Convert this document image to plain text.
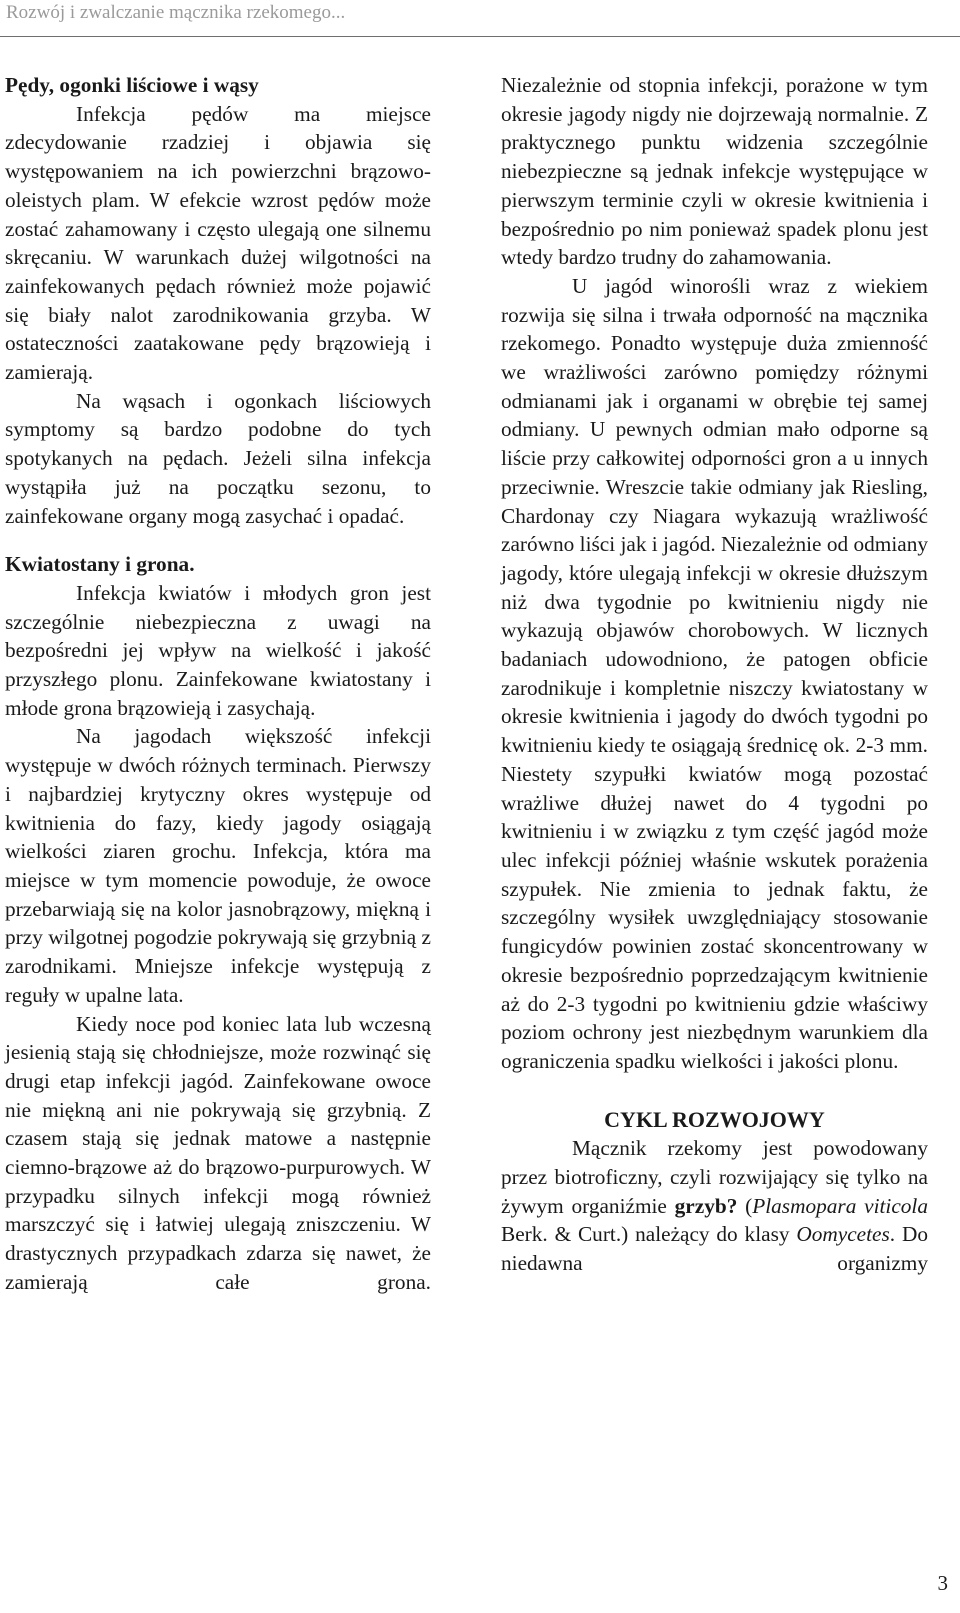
Rozwój i zwalczanie mącznika rzekomego...
Pędy, ogonki liściowe i wąsy

Infekcja pędów ma miejsce zdecydowanie rzadziej i objawia się występowaniem na ich powierzchni brązowo-oleistych plam. W efekcie wzrost pędów może zostać zahamowany i często ulegają one silnemu skręcaniu. W warunkach dużej wilgotności na zainfekowanych pędach również może pojawić się biały nalot zarodnikowania grzyba. W ostateczności zaatakowane pędy brązowieją i zamierają.

Na wąsach i ogonkach liściowych symptomy są bardzo podobne do tych spotykanych na pędach. Jeżeli silna infekcja wystąpiła już na początku sezonu, to zainfekowane organy mogą zasychać i opadać.

Kwiatostany i grona.

Infekcja kwiatów i młodych gron jest szczególnie niebezpieczna z uwagi na bezpośredni jej wpływ na wielkość i jakość przyszłego plonu. Zainfekowane kwiatostany i młode grona brązowieją i zasychają.

Na jagodach większość infekcji występuje w dwóch różnych terminach. Pierwszy i najbardziej krytyczny okres występuje od kwitnienia do fazy, kiedy jagody osiągają wielkości ziaren grochu. Infekcja, która ma miejsce w tym momencie powoduje, że owoce przebarwiają się na kolor jasnobrązowy, miękną i przy wilgotnej pogodzie pokrywają się grzybnią z zarodnikami. Mniejsze infekcje występują z reguły w upalne lata.

Kiedy noce pod koniec lata lub wczesną jesienią stają się chłodniejsze, może rozwinąć się drugi etap infekcji jagód. Zainfekowane owoce nie miękną ani nie pokrywają się grzybnią. Z czasem stają się jednak matowe a następnie ciemno-brązowe aż do brązowo-purpurowych. W przypadku silnych infekcji mogą również marszczyć się i łatwiej ulegają zniszczeniu. W drastycznych przypadkach zdarza się nawet, że zamierają całe grona.

Niezależnie od stopnia infekcji, porażone w tym okresie jagody nigdy nie dojrzewają normalnie. Z praktycznego punktu widzenia szczególnie niebezpieczne są jednak infekcje występujące w pierwszym terminie czyli w okresie kwitnienia i bezpośrednio po nim ponieważ spadek plonu jest wtedy bardzo trudny do zahamowania.

U jagód winorośli wraz z wiekiem rozwija się silna i trwała odporność na mącznika rzekomego. Ponadto występuje duża zmienność we wrażliwości zarówno pomiędzy różnymi odmianami jak i organami w obrębie tej samej odmiany. U pewnych odmian mało odporne są liście przy całkowitej odporności gron a u innych przeciwnie. Wreszcie takie odmiany jak Riesling, Chardonay czy Niagara wykazują wrażliwość zarówno liści jak i jagód. Niezależnie od odmiany jagody, które ulegają infekcji w okresie dłuższym niż dwa tygodnie po kwitnieniu nigdy nie wykazują objawów chorobowych. W licznych badaniach udowodniono, że patogen obficie zarodnikuje i kompletnie niszczy kwiatostany w okresie kwitnienia i jagody do dwóch tygodni po kwitnieniu kiedy te osiągają średnicę ok. 2-3 mm. Niestety szypułki kwiatów mogą pozostać wrażliwe dłużej nawet do 4 tygodni po kwitnieniu i w związku z tym część jagód może ulec infekcji później właśnie wskutek porażenia szypułek. Nie zmienia to jednak faktu, że szczególny wysiłek uwzględniający stosowanie fungicydów powinien zostać skoncentrowany w okresie bezpośrednio poprzedzającym kwitnienie aż do 2-3 tygodni po kwitnieniu gdzie właściwy poziom ochrony jest niezbędnym warunkiem dla ograniczenia spadku wielkości i jakości plonu.

CYKL ROZWOJOWY

Mącznik rzekomy jest powodowany przez biotroficzny, czyli rozwijający się tylko na żywym organiźmie grzyb? (Plasmopara viticola Berk. & Curt.) należący do klasy Oomycetes. Do niedawna organizmy

3
